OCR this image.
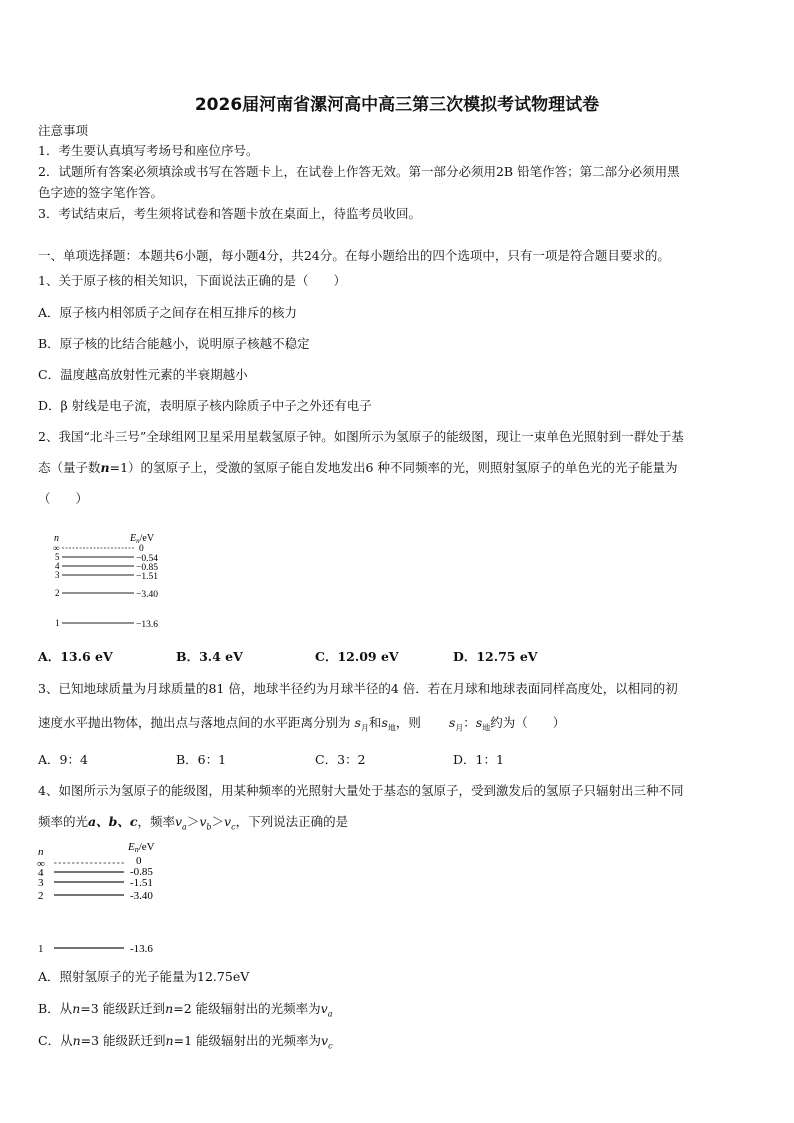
2026届河南省漯河高中高三第三次模拟考试物理试卷
注意事项
1．考生要认真填写考场号和座位序号。
2．试题所有答案必须填涂或书写在答题卡上，在试卷上作答无效。第一部分必须用2B 铅笔作答；第二部分必须用黑
色字迹的签字笔作答。
3．考试结束后，考生须将试卷和答题卡放在桌面上，待监考员收回。
一、单项选择题：本题共6小题，每小题4分，共24分。在每小题给出的四个选项中，只有一项是符合题目要求的。
1、关于原子核的相关知识，下面说法正确的是（　　）
A．原子核内相邻质子之间存在相互排斥的核力
B．原子核的比结合能越小，说明原子核越不稳定
C．温度越高放射性元素的半衰期越小
D．β 射线是电子流，表明原子核内除质子中子之外还有电子
2、我国“北斗三号”全球组网卫星采用星载氢原子钟。如图所示为氢原子的能级图，现让一束单色光照射到一群处于基
态（量子数n=1）的氢原子上，受激的氢原子能自发地发出6 种不同频率的光，则照射氢原子的单色光的光子能量为
（　　）
n	$E_n/eV$
∞	0
5	−0.54
4	−0.85
3	−1.51
2	−3.40
1	−13.6
A．13.6 eV	B．3.4 eV	C．12.09 eV	D．12.75 eV
3、已知地球质量为月球质量的81 倍，地球半径约为月球半径的4 倍．若在月球和地球表面同样高度处，以相同的初
速度水平抛出物体，抛出点与落地点间的水平距离分别为 $s_月$和$s_地$，则 $s_月$：$s_地$约为（　　）
A．9：4	B．6：1	C．3：2	D．1：1
4、如图所示为氢原子的能级图，用某种频率的光照射大量处于基态的氢原子，受到激发后的氢原子只辐射出三种不同
频率的光a、b、c，频率$v_a>v_b>v_c$，下列说法正确的是
n	En/eV
∞	0
4	-0.85
3	-1.51
2	-3.40
1	-13.6
A．照射氢原子的光子能量为12.75eV
B．从n=3 能级跃迁到n=2 能级辐射出的光频率为$v_a$
C．从n=3 能级跃迁到n=1 能级辐射出的光频率为$v_c$
